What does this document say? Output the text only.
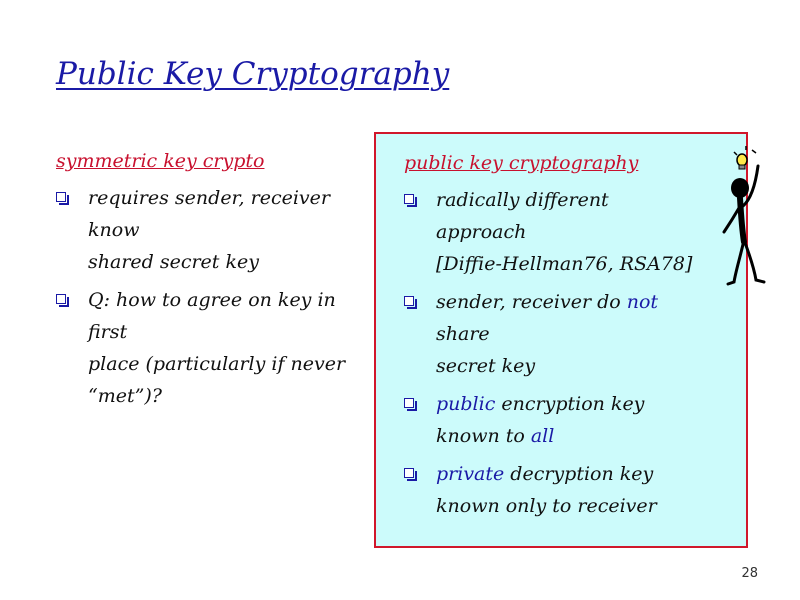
Public Key Cryptography
symmetric key crypto
requires sender, receiver know
shared secret key
Q: how to agree on key in first
place (particularly if never
“met”)?
public key cryptography
radically different approach
[Diffie-Hellman76, RSA78]
sender, receiver do not share
secret key
public encryption key
known to all
private decryption key
known only to receiver
28
